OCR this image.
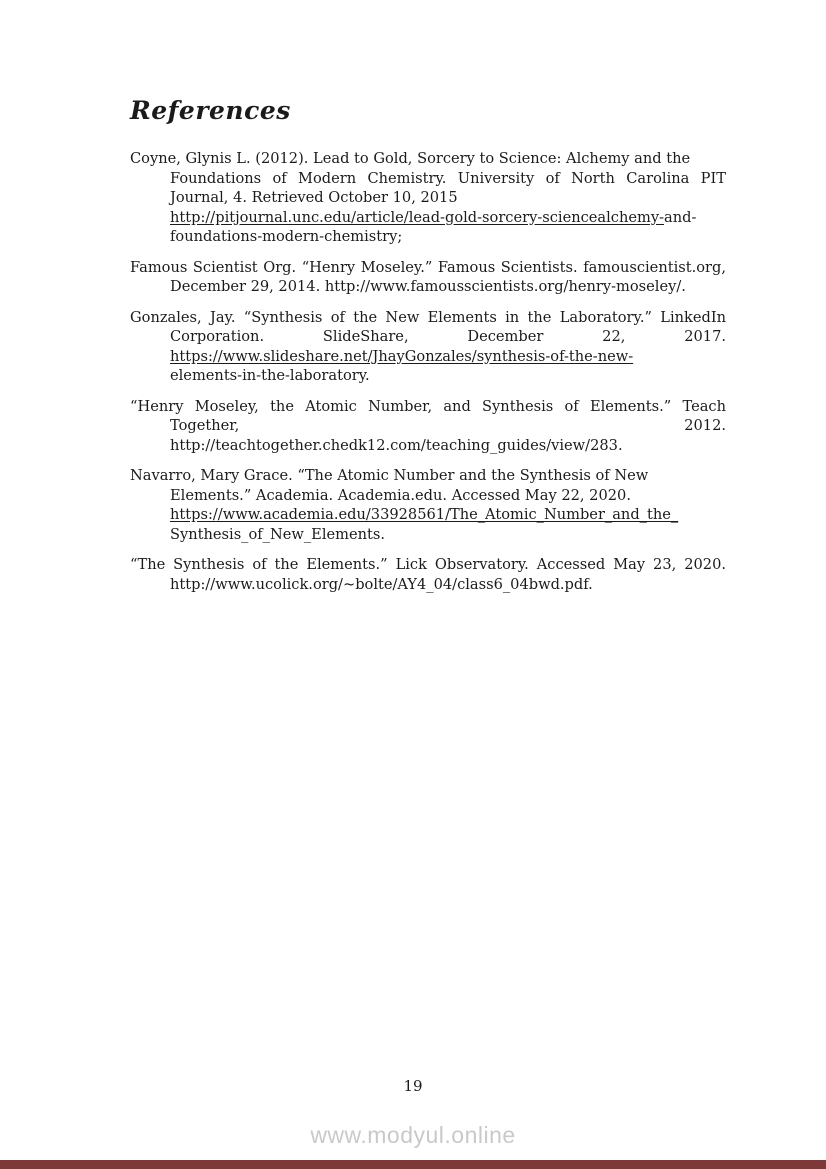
References
Coyne, Glynis L. (2012). Lead to Gold, Sorcery to Science: Alchemy and the
Foundations of Modern Chemistry. University of North Carolina PIT
Journal, 4. Retrieved October 10, 2015
http://pitjournal.unc.edu/article/lead-gold-sorcery-sciencealchemy-and-
foundations-modern-chemistry;
Famous Scientist Org. “Henry Moseley.” Famous Scientists. famouscientist.org,
December 29, 2014. http://www.famousscientists.org/henry-moseley/.
Gonzales, Jay. “Synthesis of the New Elements in the Laboratory.” LinkedIn
Corporation. SlideShare, December 22, 2017.
https://www.slideshare.net/JhayGonzales/synthesis-of-the-new-
elements-in-the-laboratory.
“Henry Moseley, the Atomic Number, and Synthesis of Elements.” Teach
Together, 2012.
http://teachtogether.chedk12.com/teaching_guides/view/283.
Navarro, Mary Grace. “The Atomic Number and the Synthesis of New
Elements.” Academia. Academia.edu. Accessed May 22, 2020.
https://www.academia.edu/33928561/The_Atomic_Number_and_the_
Synthesis_of_New_Elements.
“The Synthesis of the Elements.” Lick Observatory. Accessed May 23, 2020.
http://www.ucolick.org/~bolte/AY4_04/class6_04bwd.pdf.
19
www.modyul.online
